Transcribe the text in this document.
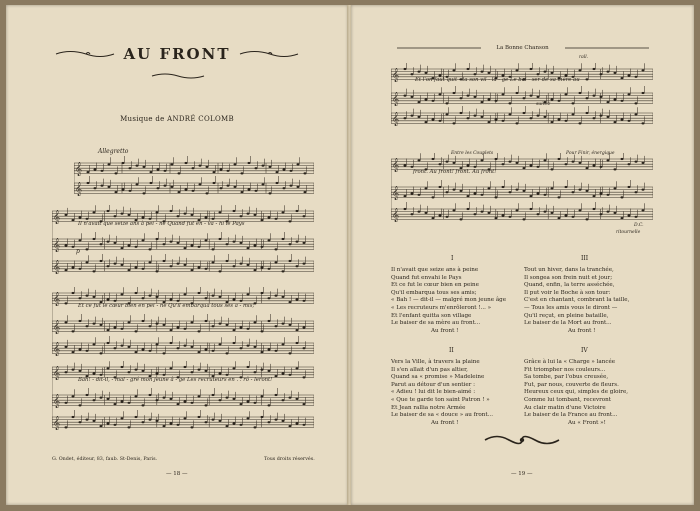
AU FRONT
Musique de ANDRÉ COLOMB
Allegretto
𝄞
𝄞
𝄞
𝄞
𝄞
Il n'avait que seize ans à pei - ne Quand fut en - va - hi le Pays
p
𝄞
𝄞
𝄞
Et ce fut le cœur bien en pei - ne Qu'il embarqua tous ses a - mis;
𝄞
𝄞
𝄞
Bah! - dit-il, - mal - gré mon jeune â - ge Les recruteurs en . . rô - leront!
G. Ondet, éditeur, 83, faub. St-Denis, Paris.	Tous droits réservés.
— 18 —
La Bonne Chanson
𝄞
𝄞
𝄞
rall.
Et l'on faut quit - ta son vil - la - ge Le bai - ser de sa mère au
suivez
𝄞
𝄞
𝄞
Entre les Couplets	Pour Finir, énergique
front. Au front! front. Au front!
D.C.
ritournelle
I
Il n'avait que seize ans à peine
Quand fut envahi le Pays
Et ce fut le cœur bien en peine
Qu'il embarqua tous ses amis;
« Bah ! — dit-il — malgré mon jeune âge
« Les recruteurs m'enrôleront !... »
Et l'enfant quitta son village
Le baiser de sa mère au front...
Au front !
II
Vers la Ville, à travers la plaine
Il s'en allait d'un pas altier,
Quand sa « promise » Madeleine
Parut au détour d'un sentier :
« Adieu ! lui dit le bien-aimé :
« Que te garde ton saint Patron ! »
Et Jean rallia notre Armée
Le baiser de sa « douce » au front...
Au front !
III
Tout un hiver, dans la tranchée,
Il songea son frein nuit et jour;
Quand, enfin, la terre asséchée,
Il put voir le Boche à son tour:
C'est en chantant, combrant la taille,
— Tous les amis vous le diront —
Qu'il reçut, en pleine bataille,
Le baiser de la Mort au front...
Au front !
IV
Grâce à lui la « Charge » lancée
Fit triompher nos couleurs...
Sa tombe, par l'obus creusée,
Fut, par nous, couverte de fleurs.
Heureux ceux qui, simples de gloire,
Comme lui tombant, recevront
Au clair matin d'une Victoire
Le baiser de la France au front...
Au « Front »!
— 19 —
